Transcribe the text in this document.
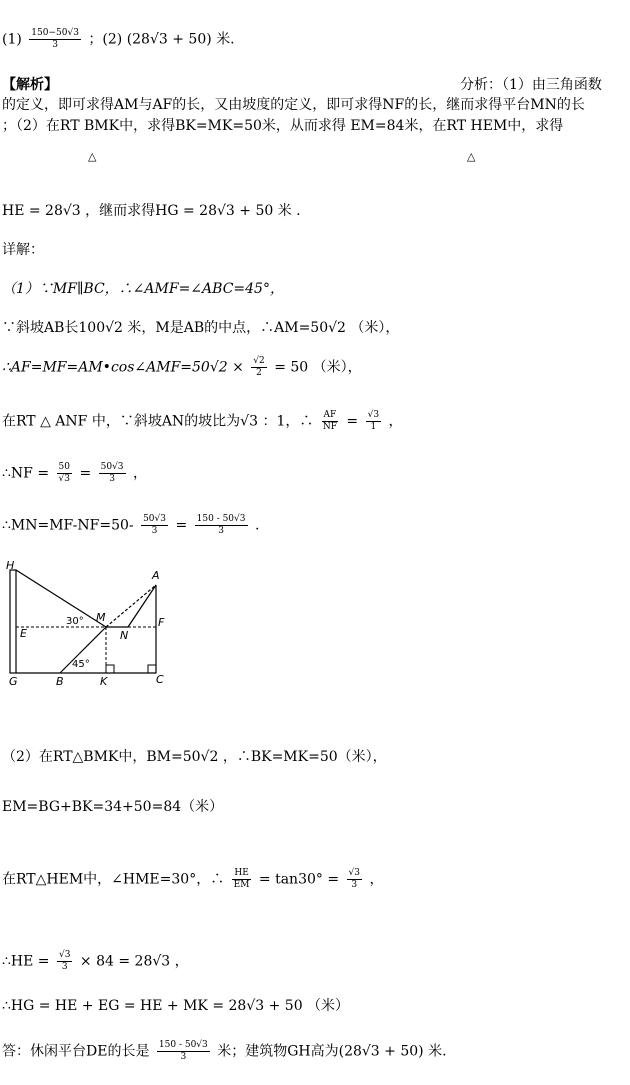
$(1) \frac{150-50√3}{3}$ ；(2) (28√3 + 50) 米.
【解析】	分析：（1）由三角函数
的定义，即可求得AM与AF的长，又由坡度的定义，即可求得NF的长，继而求得平台MN的长
；（2）在RT BMK中，求得BK=MK=50米，从而求得 EM=84米，在RT HEM中，求得
△	△
HE = 28√3 ，继而求得HG = 28√3 + 50 米 .
详解：
（1）∵MF∥BC，∴∠AMF=∠ABC=45°，
∵斜坡AB长100√2 米，M是AB的中点，∴AM=50√2 （米），
∴AF=MF=AM•cos∠AMF=50√2 × $\frac{√2}{2} = 50$ （米），
在RT △ ANF 中，∵斜坡AN的坡比为√3 ：1，∴ $\frac{AF}{NF} = \frac{√3}{1}$ ，
∴NF = $\frac{50}{√3} = \frac{50√3}{3}$ ，
∴MN=MF-NF=50- $\frac{50√3}{3} = \frac{150 - 50√3}{3}$ .
H
A
M
E	N
F
G	B	K	C
30°
45°
（2）在RT△BMK中，BM=50√2 ，∴BK=MK=50（米），
EM=BG+BK=34+50=84（米）
在RT△HEM中，∠HME=30°，∴ $\frac{HE}{EM} = \tan 30^\circ = \frac{√3}{3}$ ，
∴HE = $\frac{√3}{3} \times 84 = 28√3$ ，
∴HG = HE + EG = HE + MK = 28√3 + 50 （米）
答：休闲平台DE的长是 $\frac{150 - 50√3}{3}$ 米；建筑物GH高为(28√3 + 50) 米.
